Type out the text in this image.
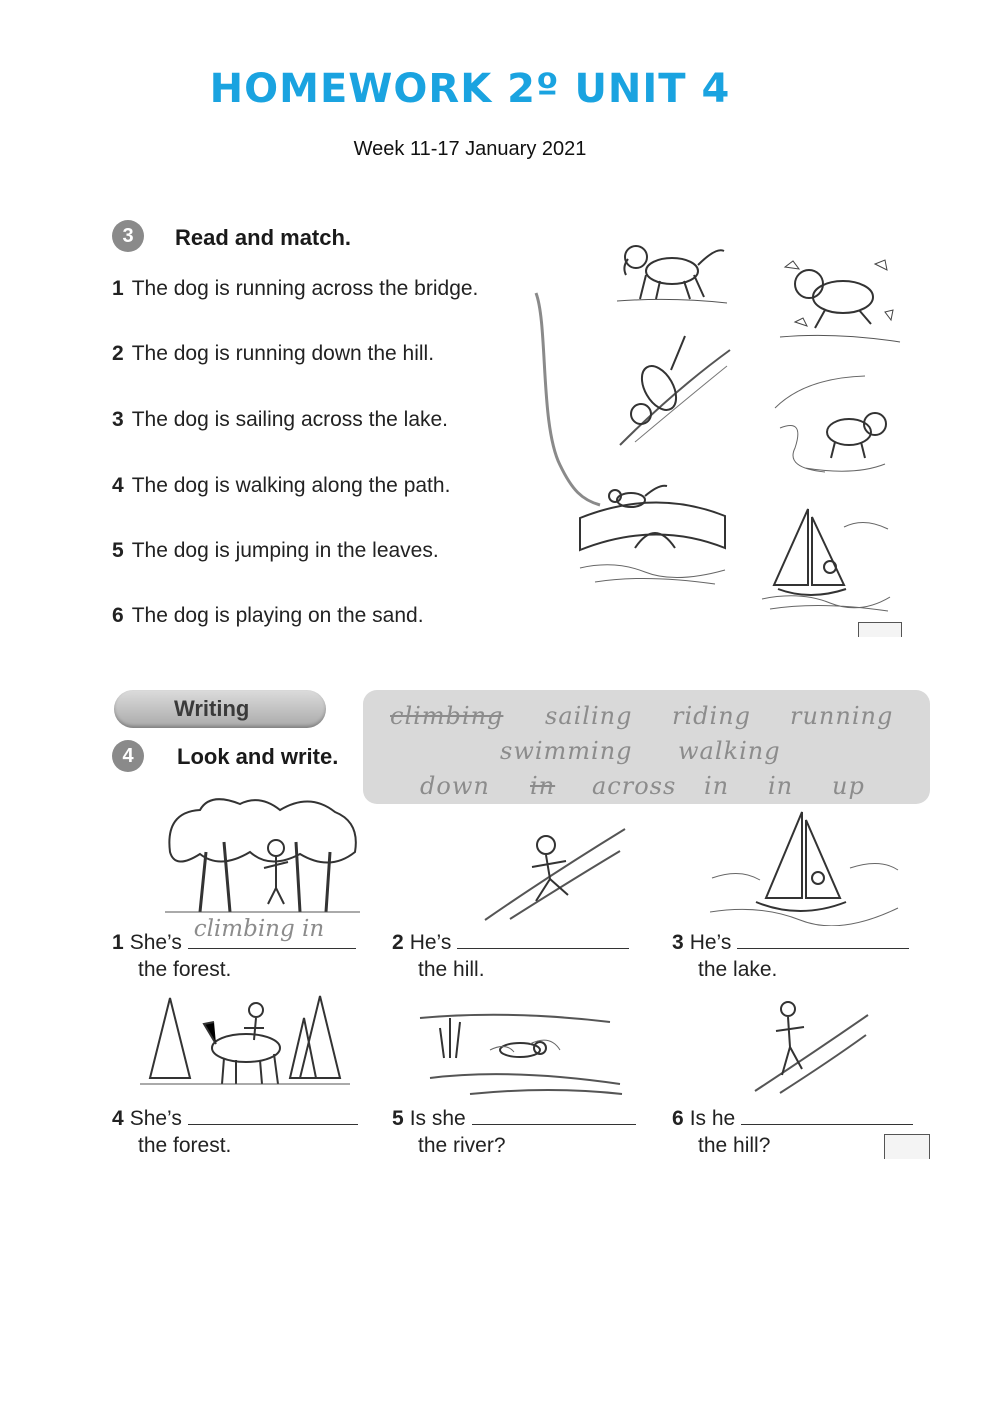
HOMEWORK 2º UNIT 4
Week 11-17 January 2021
3	Read and match.
1 The dog is running across the bridge.
2 The dog is running down the hill.
3 The dog is sailing across the lake.
4 The dog is walking along the path.
5 The dog is jumping in the leaves.
6 The dog is playing on the sand.
Writing
4	Look and write.
climbing sailing riding running
swimming walking
down in across in in up
1 She’s
climbing in

the forest.
2 He’s
the hill.
3 He’s
the lake.
4 She’s
the forest.
5 Is she
the river?
6 Is he
the hill?
